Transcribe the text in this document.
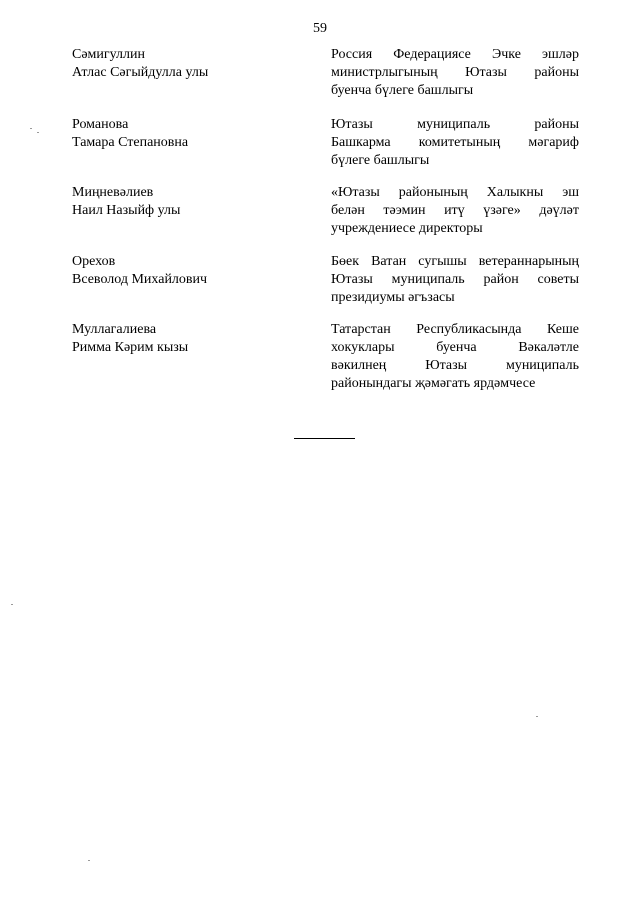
59
Сәмигуллин
Атлас Сәгыйдулла улы
Россия Федерациясе Эчке эшләр
министрлыгының Ютазы районы
буенча бүлеге башлыгы
Романова
Тамара Степановна
Ютазы муниципаль районы
Башкарма комитетының мәгариф
бүлеге башлыгы
Миңневәлиев
Наил Назыйф улы
«Ютазы районының Халыкны эш
белән тәэмин итү үзәге» дәүләт
учреждениесе директоры
Орехов
Всеволод Михайлович
Бөек Ватан сугышы ветераннарының
Ютазы муниципаль район советы
президиумы әгъзасы
Муллагалиева
Римма Кәрим кызы
Татарстан Республикасында Кеше
хокуклары буенча Вәкаләтле
вәкилнең Ютазы муниципаль
районындагы җәмәгать ярдәмчесе
